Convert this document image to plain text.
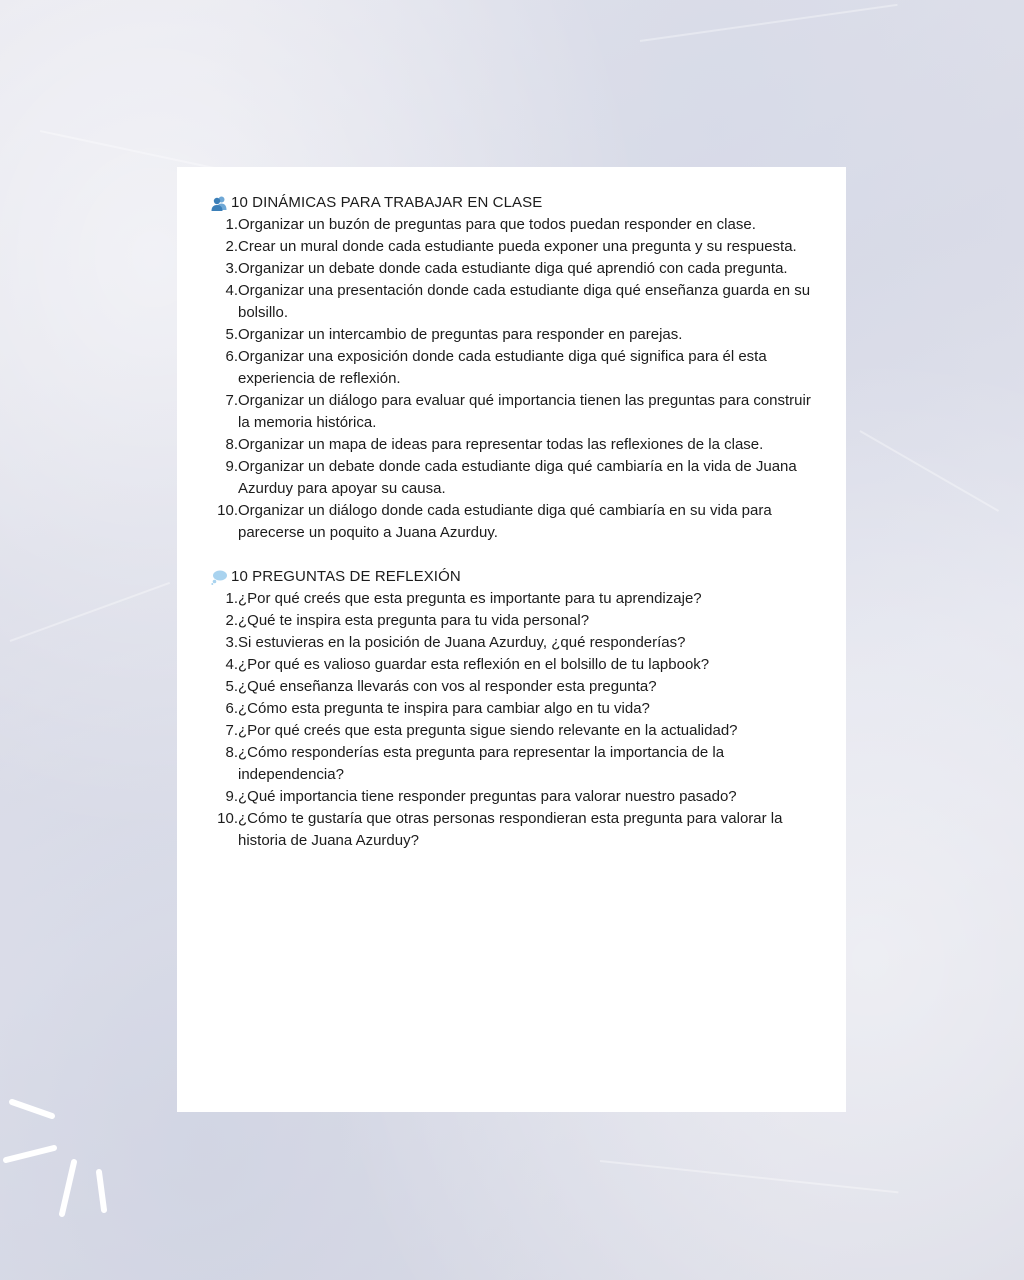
10 DINÁMICAS PARA TRABAJAR EN CLASE
1. Organizar un buzón de preguntas para que todos puedan responder en clase.
2. Crear un mural donde cada estudiante pueda exponer una pregunta y su respuesta.
3. Organizar un debate donde cada estudiante diga qué aprendió con cada pregunta.
4. Organizar una presentación donde cada estudiante diga qué enseñanza guarda en su bolsillo.
5. Organizar un intercambio de preguntas para responder en parejas.
6. Organizar una exposición donde cada estudiante diga qué significa para él esta experiencia de reflexión.
7. Organizar un diálogo para evaluar qué importancia tienen las preguntas para construir la memoria histórica.
8. Organizar un mapa de ideas para representar todas las reflexiones de la clase.
9. Organizar un debate donde cada estudiante diga qué cambiaría en la vida de Juana Azurduy para apoyar su causa.
10. Organizar un diálogo donde cada estudiante diga qué cambiaría en su vida para parecerse un poquito a Juana Azurduy.
10 PREGUNTAS DE REFLEXIÓN
1. ¿Por qué creés que esta pregunta es importante para tu aprendizaje?
2. ¿Qué te inspira esta pregunta para tu vida personal?
3. Si estuvieras en la posición de Juana Azurduy, ¿qué responderías?
4. ¿Por qué es valioso guardar esta reflexión en el bolsillo de tu lapbook?
5. ¿Qué enseñanza llevarás con vos al responder esta pregunta?
6. ¿Cómo esta pregunta te inspira para cambiar algo en tu vida?
7. ¿Por qué creés que esta pregunta sigue siendo relevante en la actualidad?
8. ¿Cómo responderías esta pregunta para representar la importancia de la independencia?
9. ¿Qué importancia tiene responder preguntas para valorar nuestro pasado?
10. ¿Cómo te gustaría que otras personas respondieran esta pregunta para valorar la historia de Juana Azurduy?
